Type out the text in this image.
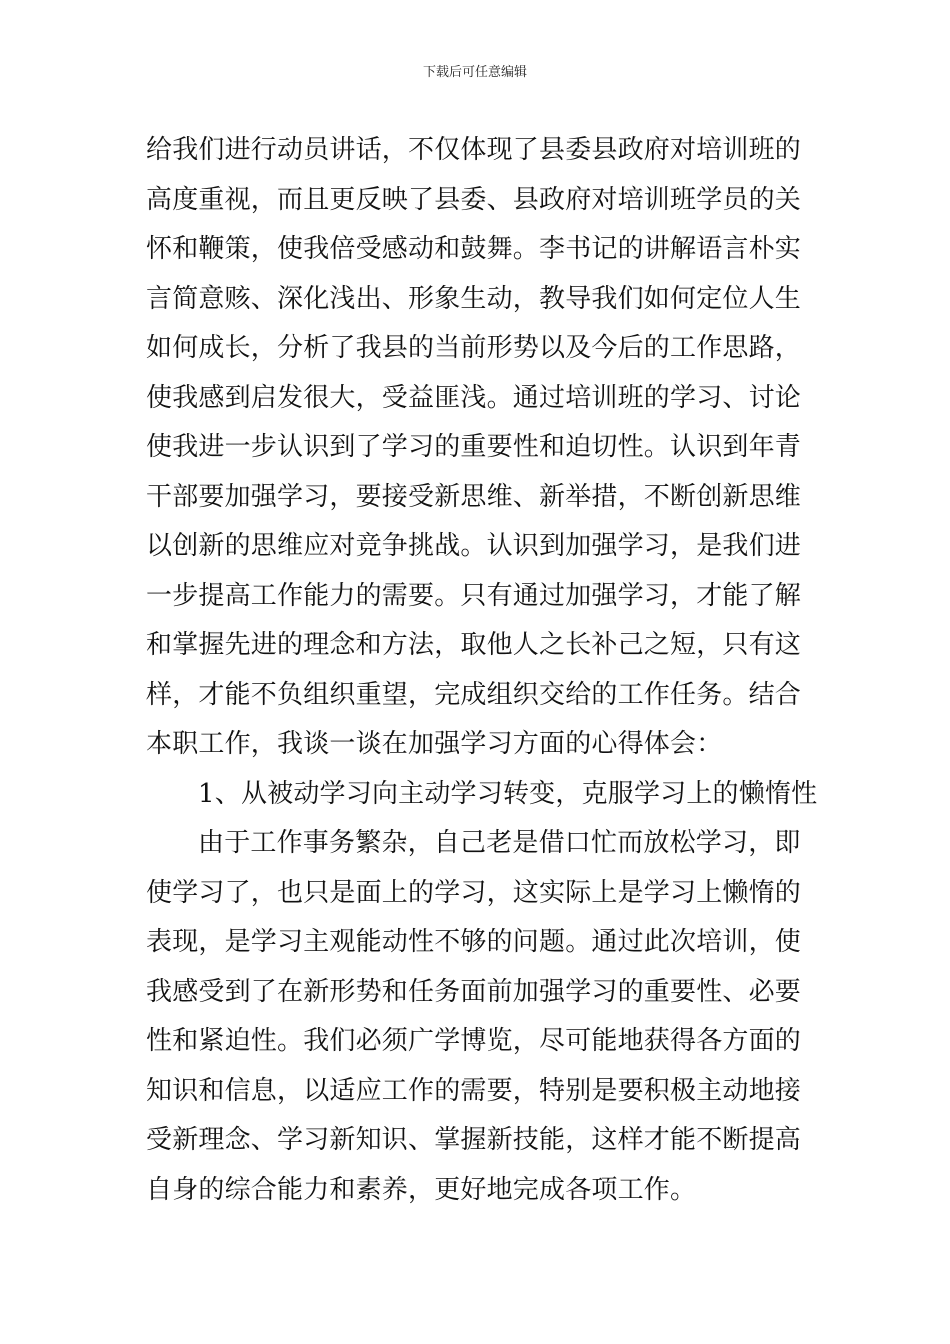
下载后可任意编辑
给我们进行动员讲话，不仅体现了县委县政府对培训班的
高度重视，而且更反映了县委、县政府对培训班学员的关
怀和鞭策，使我倍受感动和鼓舞。李书记的讲解语言朴实
言简意赅、深化浅出、形象生动，教导我们如何定位人生
如何成长，分析了我县的当前形势以及今后的工作思路，
使我感到启发很大，受益匪浅。通过培训班的学习、讨论
使我进一步认识到了学习的重要性和迫切性。认识到年青
干部要加强学习，要接受新思维、新举措，不断创新思维
以创新的思维应对竞争挑战。认识到加强学习，是我们进
一步提高工作能力的需要。只有通过加强学习，才能了解
和掌握先进的理念和方法，取他人之长补己之短，只有这
样，才能不负组织重望，完成组织交给的工作任务。结合
本职工作，我谈一谈在加强学习方面的心得体会：
1、从被动学习向主动学习转变，克服学习上的懒惰性
由于工作事务繁杂，自己老是借口忙而放松学习，即
使学习了，也只是面上的学习，这实际上是学习上懒惰的
表现，是学习主观能动性不够的问题。通过此次培训，使
我感受到了在新形势和任务面前加强学习的重要性、必要
性和紧迫性。我们必须广学博览，尽可能地获得各方面的
知识和信息，以适应工作的需要，特别是要积极主动地接
受新理念、学习新知识、掌握新技能，这样才能不断提高
自身的综合能力和素养，更好地完成各项工作。
